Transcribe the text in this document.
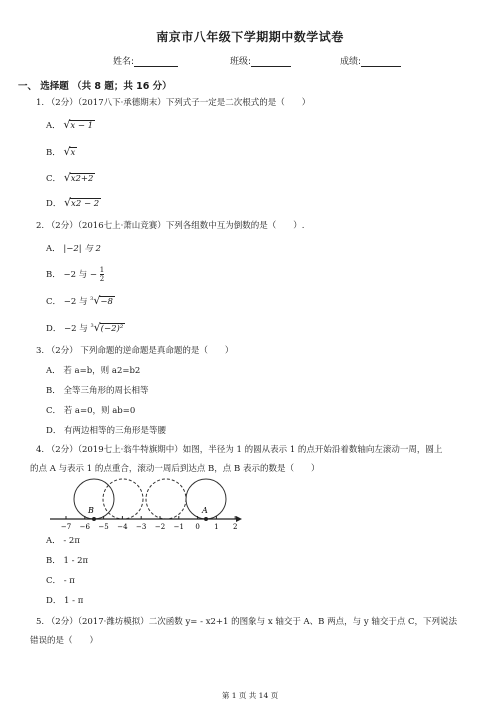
南京市八年级下学期期中数学试卷
姓名:	班级:	成绩:
一、 选择题 （共 8 题；共 16 分）
1. （2分）（2017八下·承德期末）下列式子一定是二次根式的是（　　）
A． √x − 1
B． √x
C． √x2+2
D． √x2 − 2
2. （2分）（2016七上·萧山竞赛）下列各组数中互为倒数的是（　　）.
A． |−2| 与 2
B． −2 与 − $\frac{1}{2}$
C． −2 与 $^3$√−8
D． −2 与 $^3$√(−2)²
3. （2分） 下列命题的逆命题是真命题的是（　　）
A． 若 a=b，则 a2=b2
B． 全等三角形的周长相等
C． 若 a=0，则 ab=0
D． 有两边相等的三角形是等腰
4. （2分）（2019七上·翁牛特旗期中）如图，半径为 1 的圆从表示 1 的点开始沿着数轴向左滚动一周，圆上
的点 A 与表示 1 的点重合，滚动一周后到达点 B，点 B 表示的数是（　　）
−7 −6 −5 −4 −3 −2 −1 0 1 2
B	A
A． - 2π
B． 1 - 2π
C． - π
D． 1 - π
5. （2分）（2017·潍坊模拟）二次函数 y= - x2+1 的图象与 x 轴交于 A、B 两点，与 y 轴交于点 C，下列说法
错误的是（　　）
第 1 页 共 14 页
